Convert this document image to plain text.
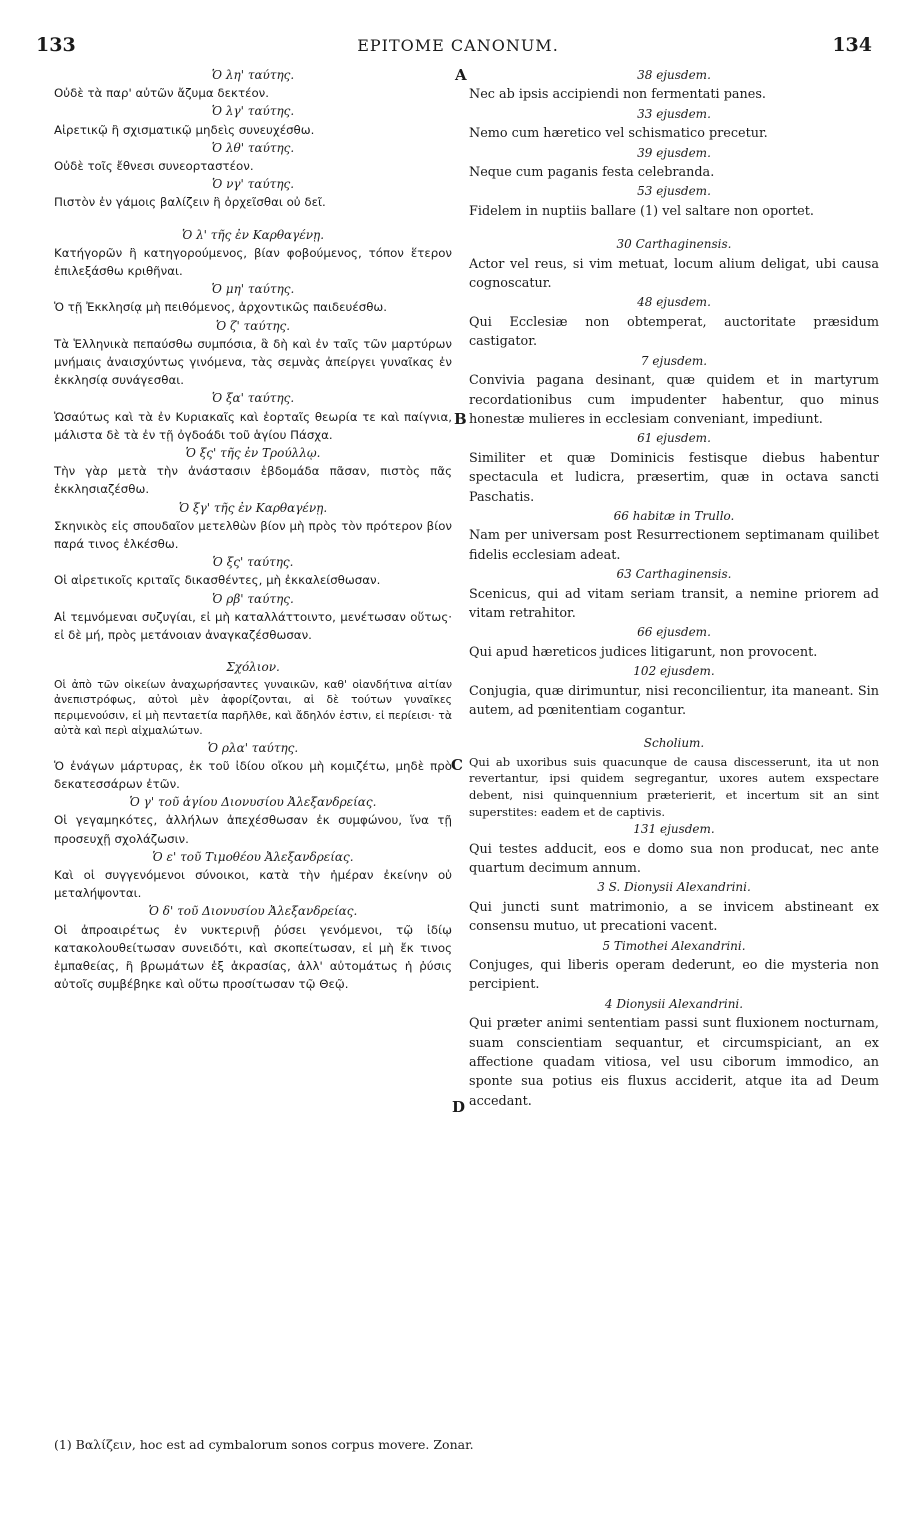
133	EPITOME CANONUM.	134
A
B
C
D
Ὁ λη' ταύτης.
Οὐδὲ τὰ παρ' αὐτῶν ἄζυμα δεκτέον.
Ὁ λγ' ταύτης.
Αἱρετικῷ ἢ σχισματικῷ μηδεὶς συνευχέσθω.
Ὁ λθ' ταύτης.
Οὐδὲ τοῖς ἔθνεσι συνεορταστέον.
Ὁ νγ' ταύτης.
Πιστὸν ἐν γάμοις βαλίζειν ἢ ὀρχεῖσθαι οὐ δεῖ.
Ὁ λ' τῆς ἐν Καρθαγένῃ.
Κατήγορῶν ἢ κατηγορούμενος, βίαν φοβούμενος, τόπον ἕτερον ἐπιλεξάσθω κριθῆναι.
Ὁ μη' ταύτης.
Ὁ τῇ Ἐκκλησίᾳ μὴ πειθόμενος, ἀρχοντικῶς παιδευέσθω.
Ὁ ζ' ταύτης.
Τὰ Ἑλληνικὰ πεπαύσθω συμπόσια, ἃ δὴ καὶ ἐν ταῖς τῶν μαρτύρων μνήμαις ἀναισχύντως γινόμενα, τὰς σεμνὰς ἀπείργει γυναῖκας ἐν ἐκκλησίᾳ συνάγεσθαι.
Ὁ ξα' ταύτης.
Ὡσαύτως καὶ τὰ ἐν Κυριακαῖς καὶ ἑορταῖς θεωρία τε καὶ παίγνια, μάλιστα δὲ τὰ ἐν τῇ ὀγδοάδι τοῦ ἁγίου Πάσχα.
Ὁ ξς' τῆς ἐν Τρούλλῳ.
Τὴν γὰρ μετὰ τὴν ἀνάστασιν ἑβδομάδα πᾶσαν, πιστὸς πᾶς ἐκκλησιαζέσθω.
Ὁ ξγ' τῆς ἐν Καρθαγένῃ.
Σκηνικὸς εἰς σπουδαῖον μετελθὼν βίον μὴ πρὸς τὸν πρότερον βίον παρά τινος ἑλκέσθω.
Ὁ ξς' ταύτης.
Οἱ αἱρετικοῖς κριταῖς δικασθέντες, μὴ ἐκκαλείσθωσαν.
Ὁ ρβ' ταύτης.
Αἱ τεμνόμεναι συζυγίαι, εἰ μὴ καταλλάττοιντο, μενέτωσαν οὕτως· εἰ δὲ μή, πρὸς μετάνοιαν ἀναγκαζέσθωσαν.
Σχόλιον.
Οἱ ἀπὸ τῶν οἰκείων ἀναχωρήσαντες γυναικῶν, καθ' οἱανδήτινα αἰτίαν ἀνεπιστρόφως, αὐτοὶ μὲν ἀφορίζονται, αἱ δὲ τούτων γυναῖκες περιμενούσιν, εἰ μὴ πενταετία παρῆλθε, καὶ ἄδηλόν ἐστιν, εἰ περίεισι· τὰ αὐτὰ καὶ περὶ αἰχμαλώτων.
Ὁ ρλα' ταύτης.
Ὁ ἐνάγων μάρτυρας, ἐκ τοῦ ἰδίου οἴκου μὴ κομιζέτω, μηδὲ πρὸ δεκατεσσάρων ἐτῶν.
Ὁ γ' τοῦ ἁγίου Διονυσίου Ἀλεξανδρείας.
Οἱ γεγαμηκότες, ἀλλήλων ἀπεχέσθωσαν ἐκ συμφώνου, ἵνα τῇ προσευχῇ σχολάζωσιν.
Ὁ ε' τοῦ Τιμοθέου Ἀλεξανδρείας.
Καὶ οἱ συγγενόμενοι σύνοικοι, κατὰ τὴν ἡμέραν ἐκείνην οὐ μεταλήψονται.
Ὁ δ' τοῦ Διονυσίου Ἀλεξανδρείας.
Οἱ ἀπροαιρέτως ἐν νυκτερινῇ ῥύσει γενόμενοι, τῷ ἰδίῳ κατακολουθείτωσαν συνειδότι, καὶ σκοπείτωσαν, εἰ μὴ ἔκ τινος ἐμπαθείας, ἢ βρωμάτων ἐξ ἀκρασίας, ἀλλ' αὐτομάτως ἡ ῥύσις αὐτοῖς συμβέβηκε καὶ οὕτω προσίτωσαν τῷ Θεῷ.
38 ejusdem.
Nec ab ipsis accipiendi non fermentati panes.
33 ejusdem.
Nemo cum hæretico vel schismatico precetur.
39 ejusdem.
Neque cum paganis festa celebranda.
53 ejusdem.
Fidelem in nuptiis ballare (1) vel saltare non oportet.
30 Carthaginensis.
Actor vel reus, si vim metuat, locum alium deligat, ubi causa cognoscatur.
48 ejusdem.
Qui Ecclesiæ non obtemperat, auctoritate præsidum castigator.
7 ejusdem.
Convivia pagana desinant, quæ quidem et in martyrum recordationibus cum impudenter habentur, quo minus honestæ mulieres in ecclesiam conveniant, impediunt.
61 ejusdem.
Similiter et quæ Dominicis festisque diebus habentur spectacula et ludicra, præsertim, quæ in octava sancti Paschatis.
66 habitæ in Trullo.
Nam per universam post Resurrectionem septimanam quilibet fidelis ecclesiam adeat.
63 Carthaginensis.
Scenicus, qui ad vitam seriam transit, a nemine priorem ad vitam retrahitor.
66 ejusdem.
Qui apud hæreticos judices litigarunt, non provocent.
102 ejusdem.
Conjugia, quæ dirimuntur, nisi reconcilientur, ita maneant. Sin autem, ad pœnitentiam cogantur.
Scholium.
Qui ab uxoribus suis quacunque de causa discesserunt, ita ut non revertantur, ipsi quidem segregantur, uxores autem exspectare debent, nisi quinquennium præterierit, et incertum sit an sint superstites: eadem et de captivis.
131 ejusdem.
Qui testes adducit, eos e domo sua non producat, nec ante quartum decimum annum.
3 S. Dionysii Alexandrini.
Qui juncti sunt matrimonio, a se invicem abstineant ex consensu mutuo, ut precationi vacent.
5 Timothei Alexandrini.
Conjuges, qui liberis operam dederunt, eo die mysteria non percipient.
4 Dionysii Alexandrini.
Qui præter animi sententiam passi sunt fluxionem nocturnam, suam conscientiam sequantur, et circumspiciant, an ex affectione quadam vitiosa, vel usu ciborum immodico, an sponte sua potius eis fluxus acciderit, atque ita ad Deum accedant.
(1) Βαλίζειν, hoc est ad cymbalorum sonos corpus movere. Zonar.
